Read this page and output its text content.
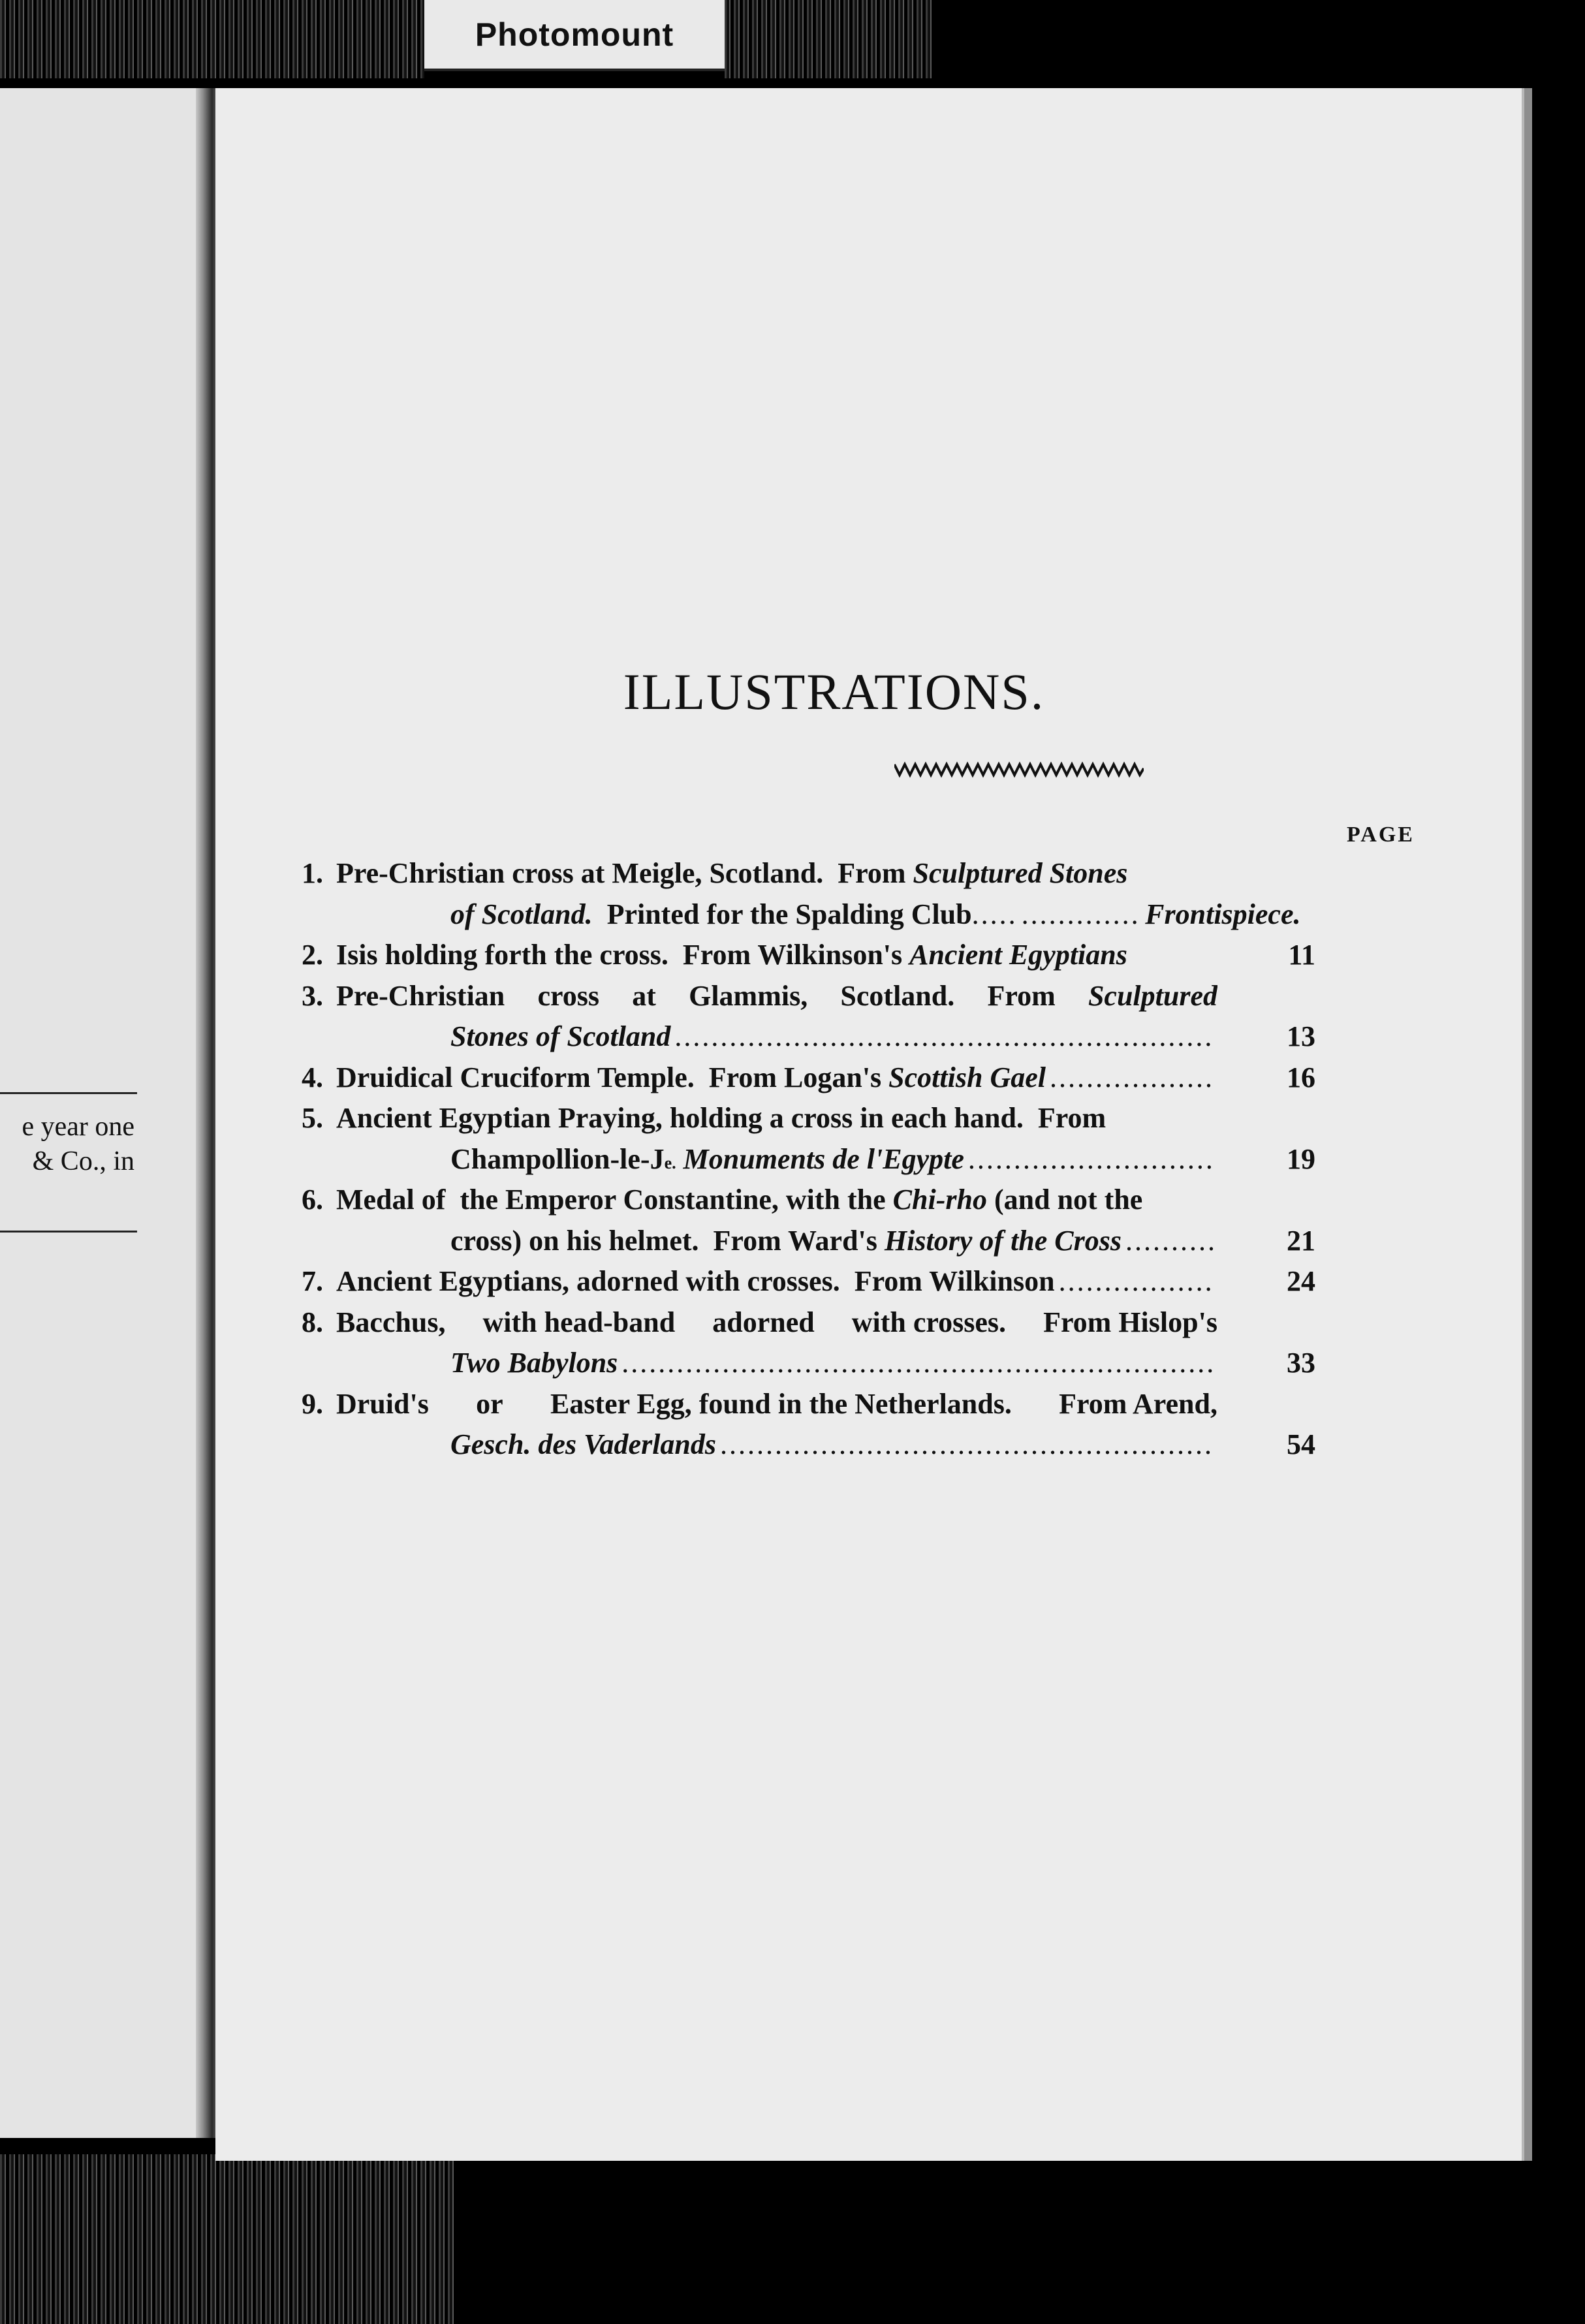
Photomount
e year one
& Co., in
ILLUSTRATIONS.
PAGE
1. Pre-Christian cross at Meigle, Scotland.  From Sculptured Stones
of Scotland. Printed for the Spalding Club ..... .....	Frontispiece.
2. Isis holding forth the cross.  From Wilkinson's Ancient Egyptians	11
3. Pre-Christian cross at Glammis, Scotland. From Sculptured
Stones of Scotland .....	13
4. Druidical Cruciform Temple.  From Logan's Scottish Gael .....	16
5. Ancient Egyptian Praying, holding a cross in each hand.  From
Champollion-le-J e. Monuments de l'Egypte .....	19
6. Medal of  the Emperor Constantine, with the Chi-rho (and not the
cross) on his helmet.  From Ward's History of the Cross .....	21
7. Ancient Egyptians, adorned with crosses.  From Wilkinson .....	24
8. Bacchus, with head-band adorned with crosses. From Hislop's
Two Babylons .....	33
9. Druid's or Easter Egg, found in the Netherlands. From Arend,
Gesch. des Vaderlands .....	54
